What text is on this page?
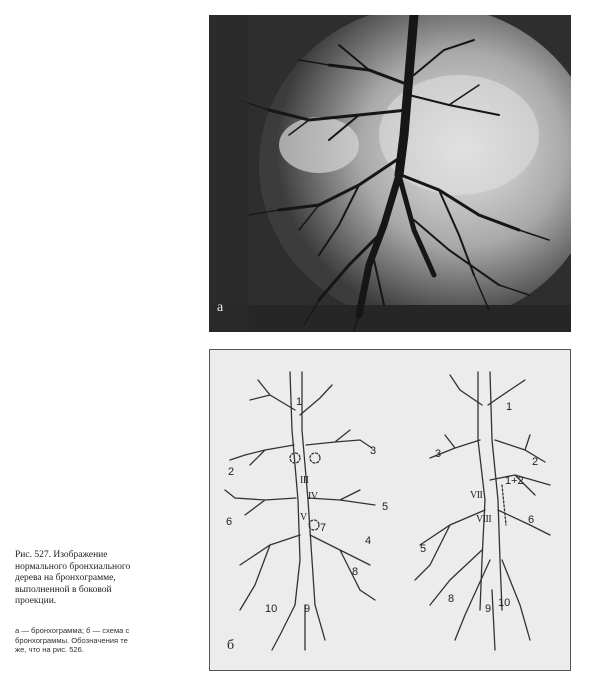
а
1
2
3
III
IV
5
6	V
7
4
8
10 9
1
3
2
1+2
VII
VIII	6
5
8	10
9
б
Рис. 527. Изображение нормального бронхиального дерева на бронхограмме, выполненной в боковой проекции.
а — бронхограмма; б — схема с бронхограммы. Обозначения те же, что на рис. 526.
